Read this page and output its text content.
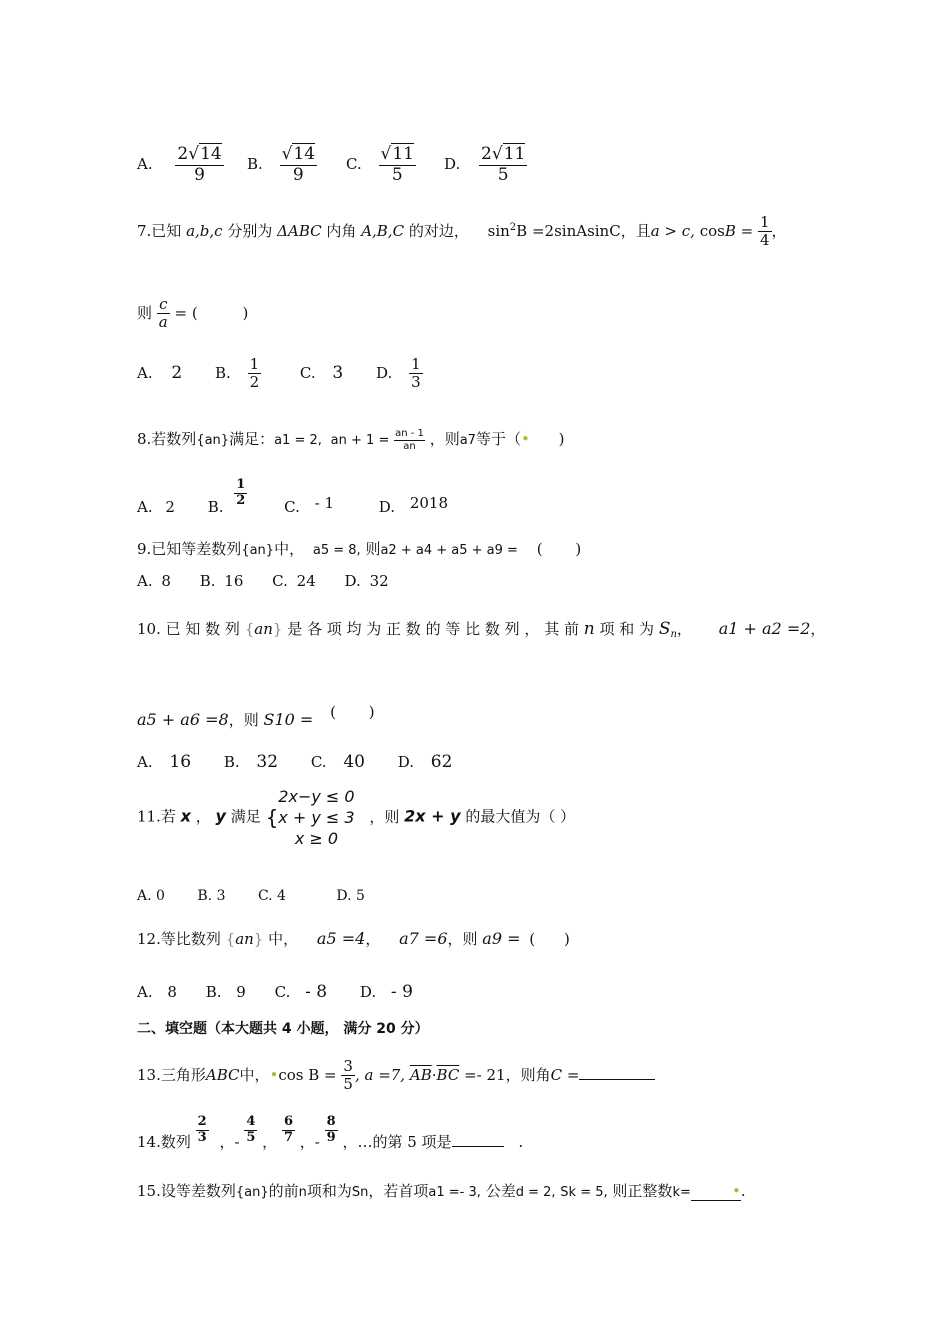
A. $\frac{2√14}{9} B$. $\frac{√14}{9} C$. $\frac{√11}{5} D$. $\frac{2√11}{5}$
7.已知 a,b,c 分别为 ΔABC 内角 A,B,C 的对边， $\sin^2B$ =2sinAsinC，且a > c, $\cos B = \frac{1}{4}$ ，
则 $\frac{c}{a}$ = (	)
A. 2 B. $\frac{1}{2}$	C. 3 D. $\frac{1}{3}$
8.若数列{an}满足：a1 = 2, an + $1 = \frac{an - 1}{an}$ ，则a7等于（• )
A. 2 B. $\frac{1}{2} C$. - 1	D. 2018
9.已知等差数列{an}中， a5 = 8, 则a2 + a4 + a5 + a9 = ( )
A. 8 B. 16 C. 24 D. 32
10. 已 知 数 列 {an} 是 各 项 均 为 正 数 的 等 比 数 列 ， 其 前 n 项 和 为 $S_n$， a1 + a2 =2，
a5 + a6 =8，则 S10 = ( )
A. 16 B. 32 C. 40 D. 62
11.若 x ， y 满足 {
2x−y ≤ 0
x + y ≤ 3
x ≥ 0
，则 2x + y 的最大值为（ ）
A. 0 B. 3 C. 4	D. 5
12.等比数列 {an} 中， a5 =4， a7 =6，则 a9 = ( )
A. 8 B. 9 C. - 8 D. - 9
二、填空题（本大题共 4 小题， 满分 20 分）
13.三角形ABC中，•cos $B = \frac{3}{5}$ , a =7, $\overline{AB}\cdot\overline{BC} =- 21$，则角C =
14.数列 $\frac{2}{3}$ ，- $\frac{4}{5}$ ， $\frac{6}{7}$ ，- $\frac{8}{9}$ ，…的第 5 项是	.
15.设等差数列{an}的前n项和为Sn，若首项a1 =- 3, 公差d = 2, Sk = 5, 则正整数k=	•.
